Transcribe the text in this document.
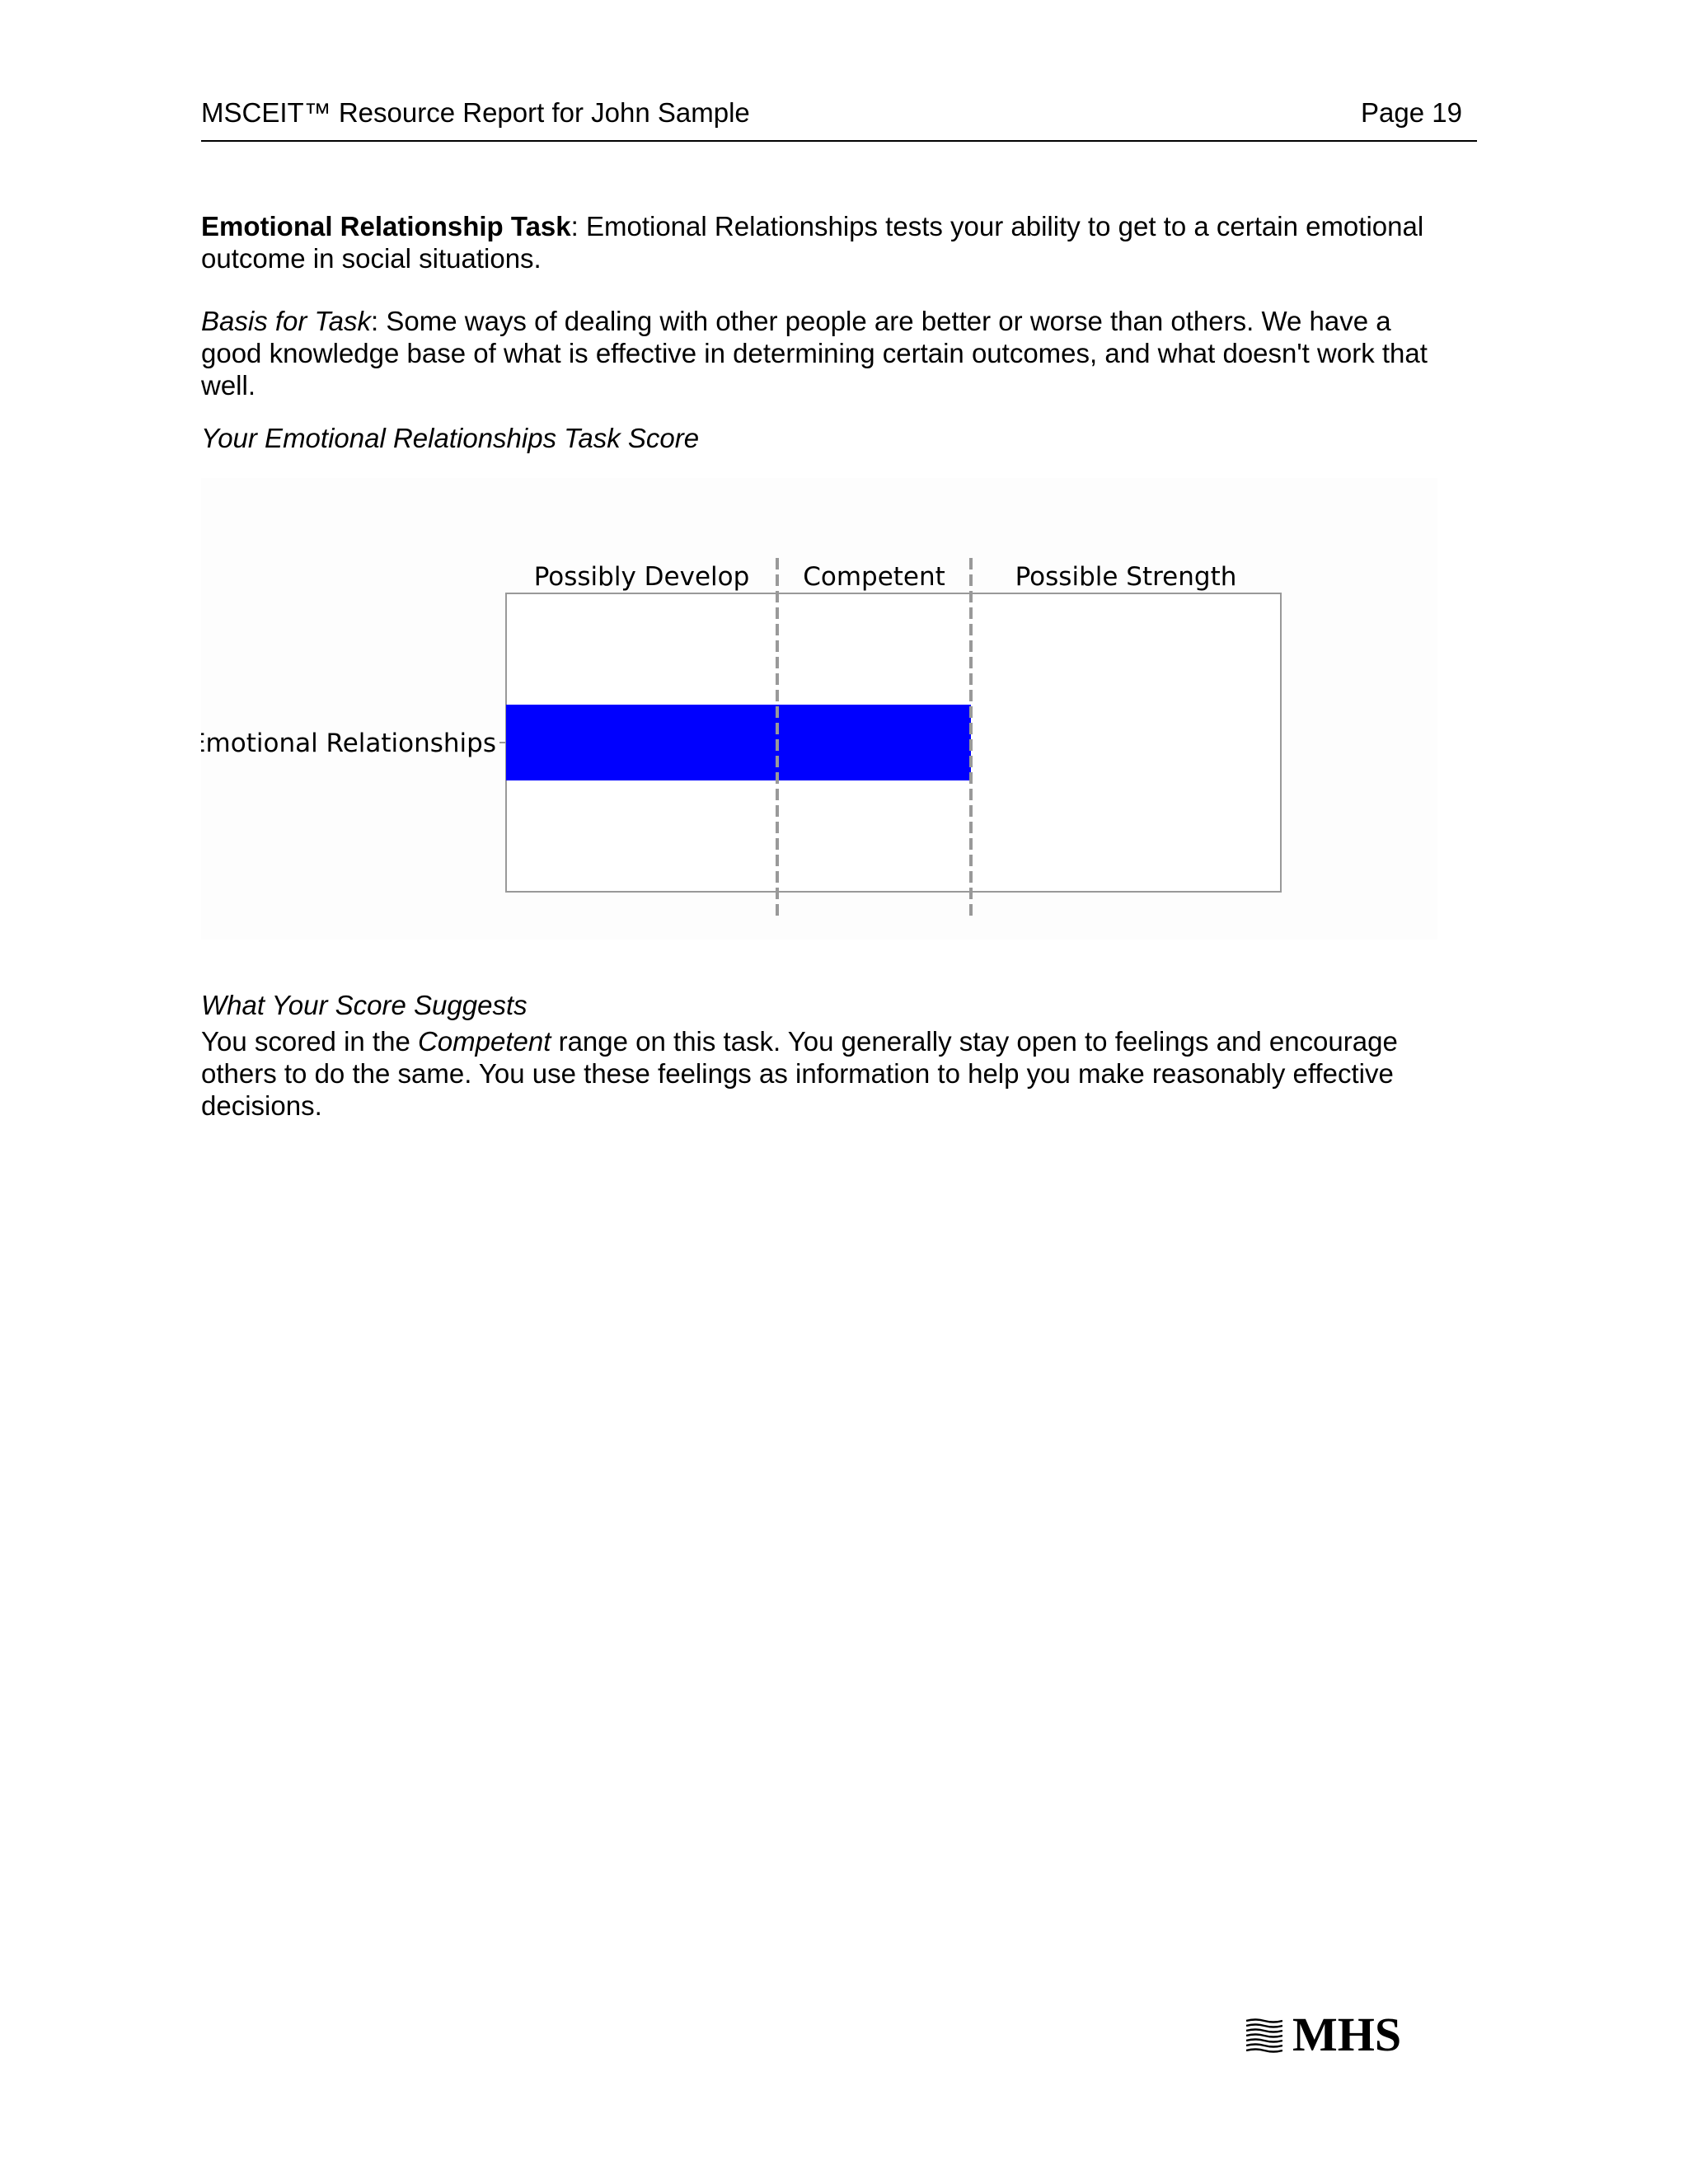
MSCEIT™ Resource Report for John Sample	Page 19

Emotional Relationship Task: Emotional Relationships tests your ability to get to a certain emotional outcome in social situations.

Basis for Task: Some ways of dealing with other people are better or worse than others. We have a good knowledge base of what is effective in determining certain outcomes, and what doesn't work that well.

Your Emotional Relationships Task Score

Possibly Develop Competent	Possible Strength
Emotional Relationships

What Your Score Suggests

You scored in the Competent range on this task. You generally stay open to feelings and encourage others to do the same. You use these feelings as information to help you make reasonably effective decisions.

MHS
